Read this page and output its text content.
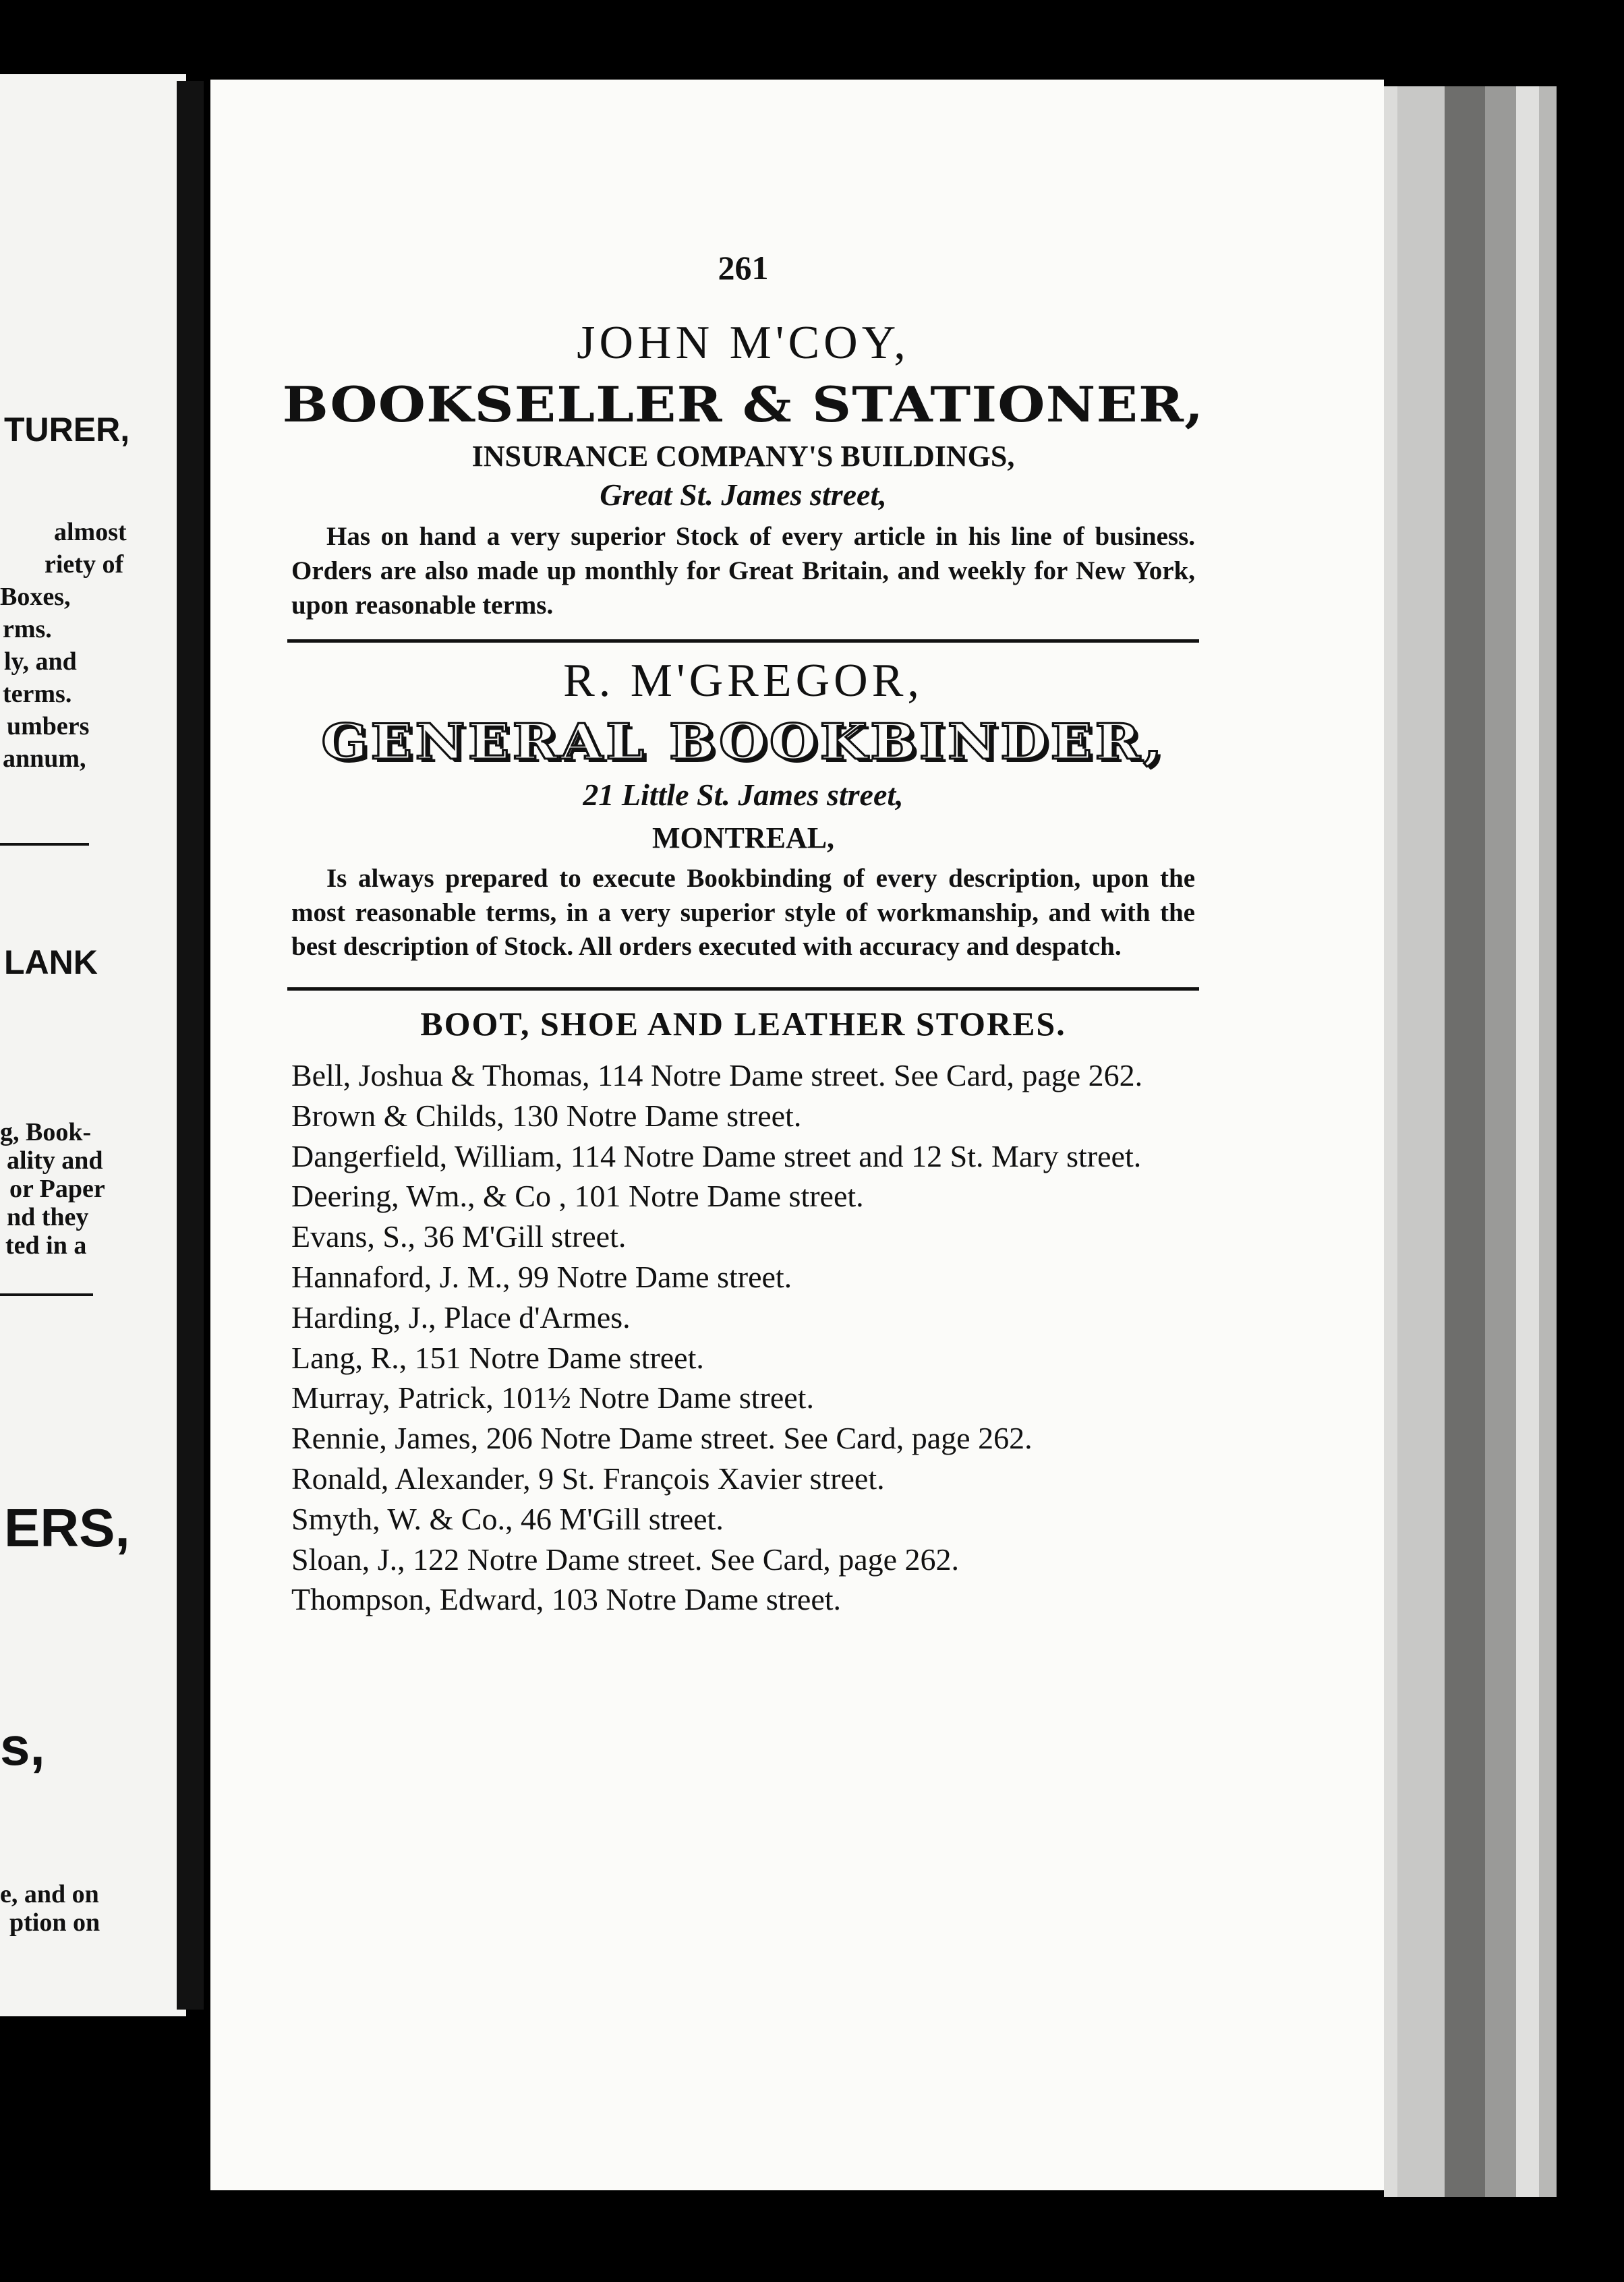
TURER,
almost
riety of
Boxes,
rms.
ly, and
terms.
umbers
annum,
LANK
g, Book-
ality and
or Paper
nd they
ted in a
ERS,
s,
e, and on
ption on
261
JOHN M'COY,
BOOKSELLER & STATIONER,
INSURANCE COMPANY'S BUILDINGS,
Great St. James street,
Has on hand a very superior Stock of every article in his line of business. Orders are also made up monthly for Great Britain, and weekly for New York, upon reasonable terms.
R. M'GREGOR,
GENERAL BOOKBINDER,
21 Little St. James street,
MONTREAL,
Is always prepared to execute Bookbinding of every description, upon the most reasonable terms, in a very superior style of workmanship, and with the best description of Stock. All orders executed with accuracy and despatch.
BOOT, SHOE AND LEATHER STORES.

Bell, Joshua & Thomas, 114 Notre Dame street. See Card, page 262.

Brown & Childs, 130 Notre Dame street.

Dangerfield, William, 114 Notre Dame street and 12 St. Mary street.

Deering, Wm., & Co , 101 Notre Dame street.

Evans, S., 36 M'Gill street.

Hannaford, J. M., 99 Notre Dame street.

Harding, J., Place d'Armes.

Lang, R., 151 Notre Dame street.

Murray, Patrick, 101½ Notre Dame street.

Rennie, James, 206 Notre Dame street. See Card, page 262.

Ronald, Alexander, 9 St. François Xavier street.

Smyth, W. & Co., 46 M'Gill street.

Sloan, J., 122 Notre Dame street. See Card, page 262.

Thompson, Edward, 103 Notre Dame street.
